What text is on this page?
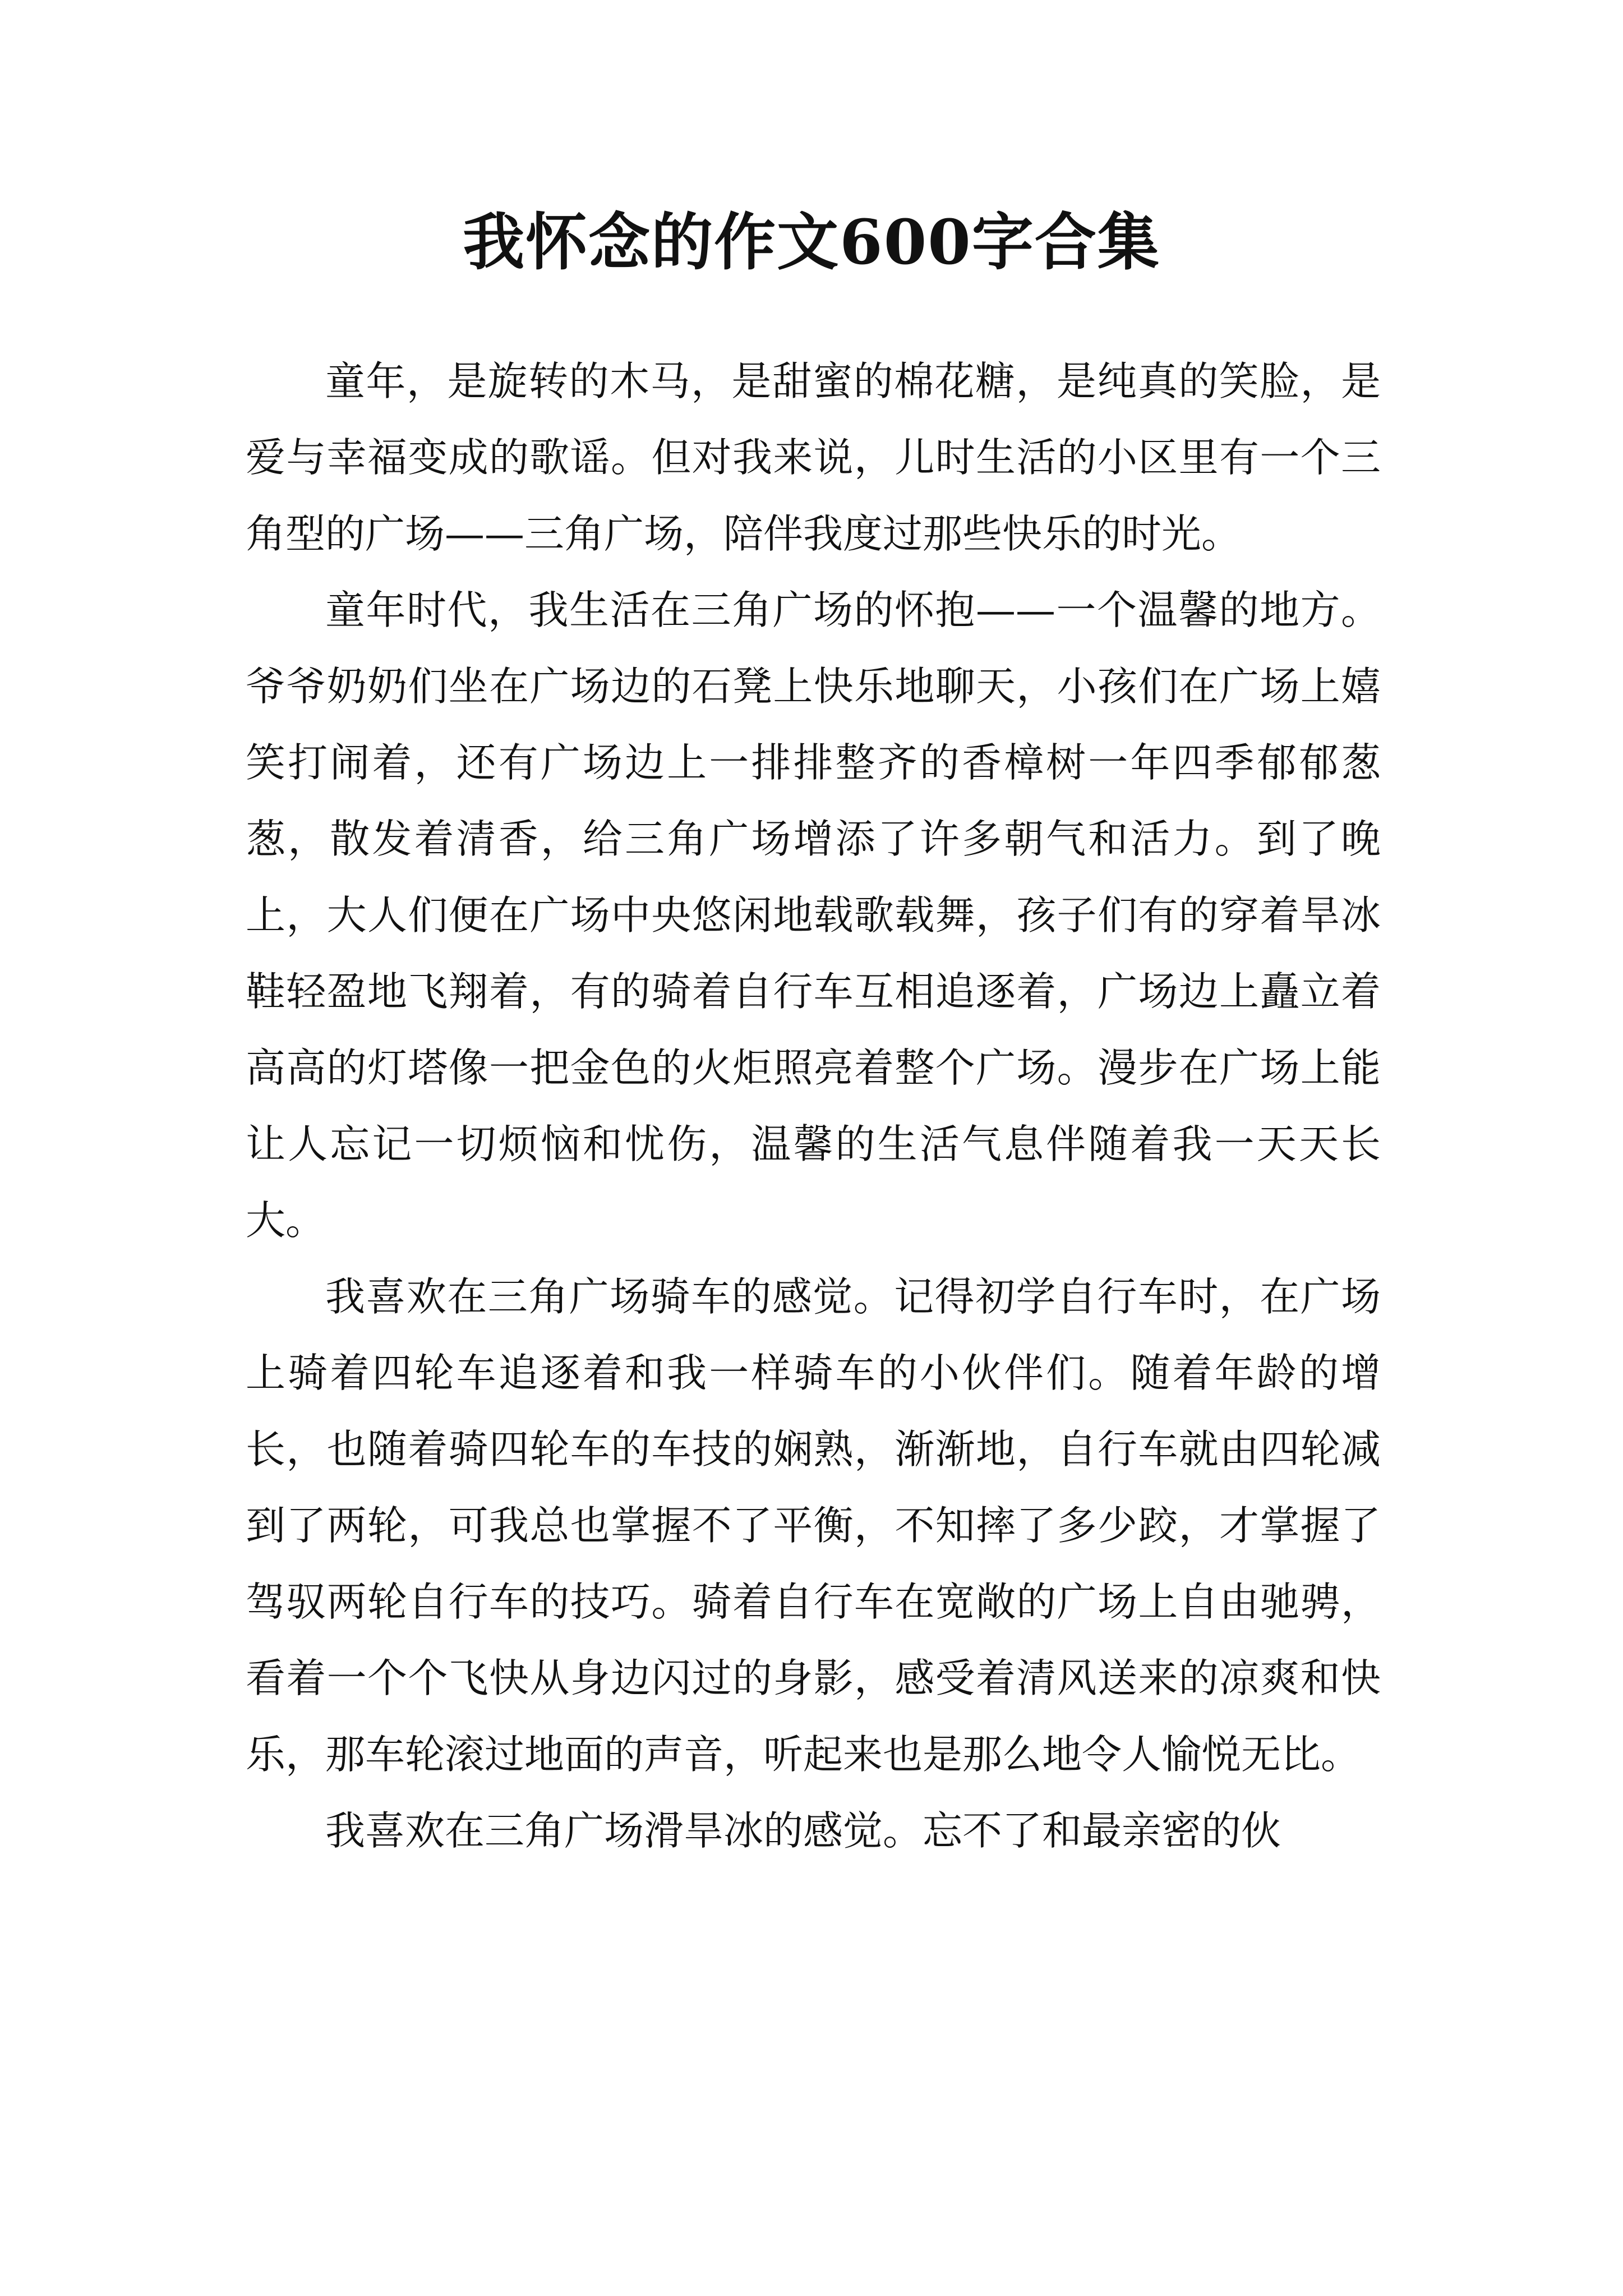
我怀念的作文600字合集

童年，是旋转的木马，是甜蜜的棉花糖，是纯真的笑脸，是爱与幸福变成的歌谣。但对我来说，儿时生活的小区里有一个三角型的广场——三角广场，陪伴我度过那些快乐的时光。

童年时代，我生活在三角广场的怀抱——一个温馨的地方。爷爷奶奶们坐在广场边的石凳上快乐地聊天，小孩们在广场上嬉笑打闹着，还有广场边上一排排整齐的香樟树一年四季郁郁葱葱，散发着清香，给三角广场增添了许多朝气和活力。到了晚上，大人们便在广场中央悠闲地载歌载舞，孩子们有的穿着旱冰鞋轻盈地飞翔着，有的骑着自行车互相追逐着，广场边上矗立着高高的灯塔像一把金色的火炬照亮着整个广场。漫步在广场上能让人忘记一切烦恼和忧伤，温馨的生活气息伴随着我一天天长大。

我喜欢在三角广场骑车的感觉。记得初学自行车时，在广场上骑着四轮车追逐着和我一样骑车的小伙伴们。随着年龄的增长，也随着骑四轮车的车技的娴熟，渐渐地，自行车就由四轮减到了两轮，可我总也掌握不了平衡，不知摔了多少跤，才掌握了驾驭两轮自行车的技巧。骑着自行车在宽敞的广场上自由驰骋，看着一个个飞快从身边闪过的身影，感受着清风送来的凉爽和快乐，那车轮滚过地面的声音，听起来也是那么地令人愉悦无比。

我喜欢在三角广场滑旱冰的感觉。忘不了和最亲密的伙
